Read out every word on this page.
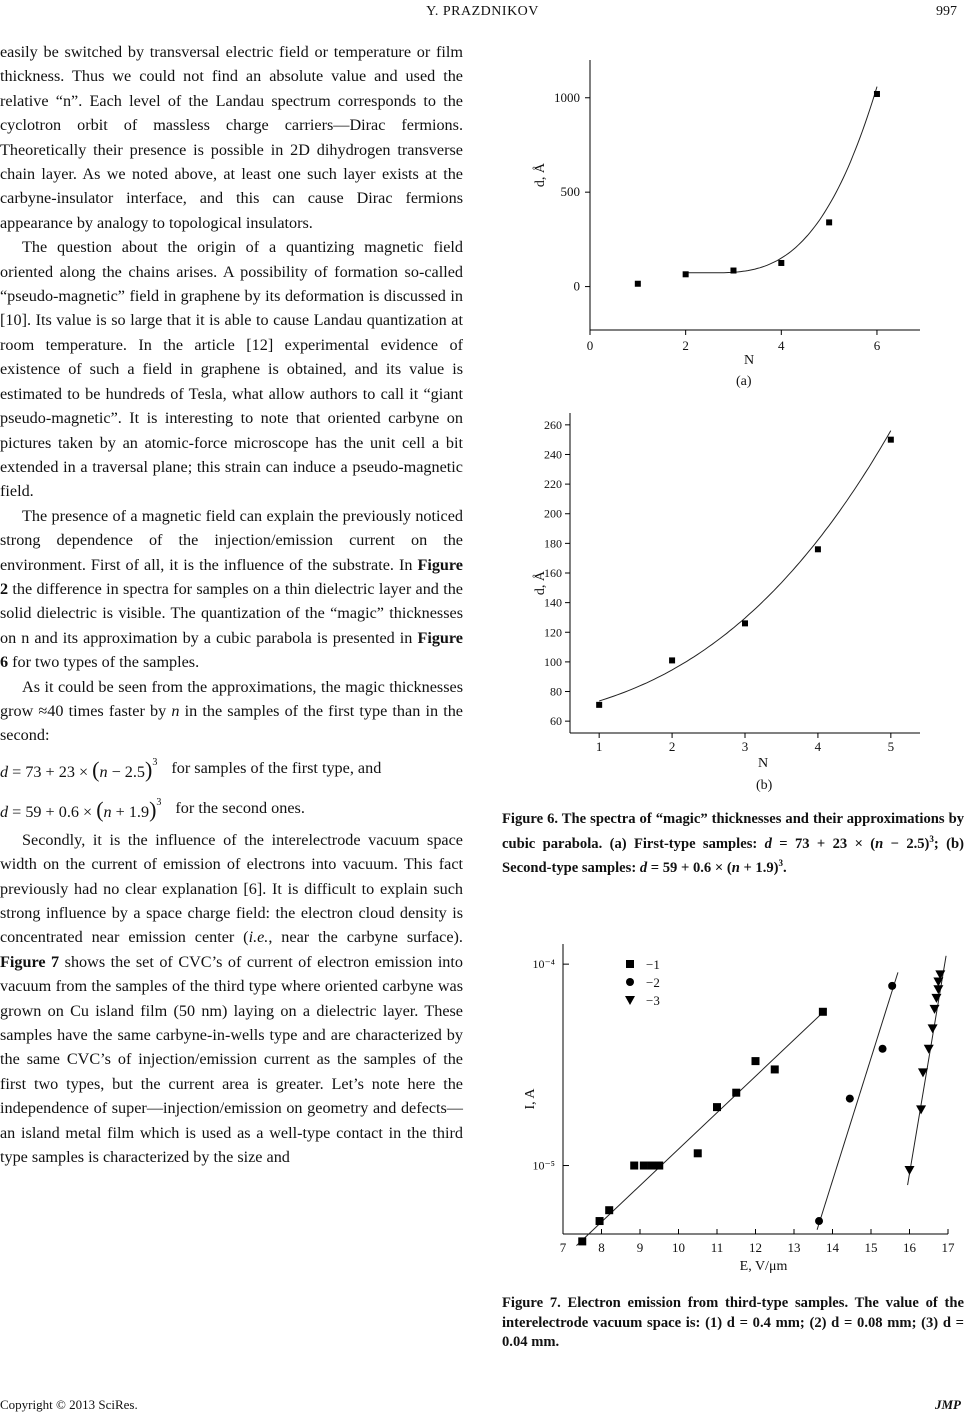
Y. PRAZDNIKOV	997

easily be switched by transversal electric field or temperature or film thickness. Thus we could not find an absolute value and used the relative “n”. Each level of the Landau spectrum corresponds to the cyclotron orbit of massless charge carriers—Dirac fermions. Theoretically their presence is possible in 2D dihydrogen transverse chain layer. As we noted above, at least one such layer exists at the carbyne-insulator interface, and this can cause Dirac fermions appearance by analogy to topological insulators.

The question about the origin of a quantizing magnetic field oriented along the chains arises. A possibility of formation so-called “pseudo-magnetic” field in graphene by its deformation is discussed in [10]. Its value is so large that it is able to cause Landau quantization at room temperature. In the article [12] experimental evidence of existence of such a field in graphene is obtained, and its value is estimated to be hundreds of Tesla, what allow authors to call it “giant pseudo-magnetic”. It is interesting to note that oriented carbyne on pictures taken by an atomic-force microscope has the unit cell a bit extended in a traversal plane; this strain can induce a pseudo-magnetic field.

The presence of a magnetic field can explain the previously noticed strong dependence of the injection/emission current on the environment. First of all, it is the influence of the substrate. In Figure 2 the difference in spectra for samples on a thin dielectric layer and the solid dielectric is visible. The quantization of the “magic” thicknesses on n and its approximation by a cubic parabola is presented in Figure 6 for two types of the samples.

As it could be seen from the approximations, the magic thicknesses grow ≈40 times faster by n in the samples of the first type than in the second:

$d = 73 + 23 \times (n - 2.5)^3$ for samples of the first type, and
$d = 59 + 0.6 \times (n + 1.9)^3$ for the second ones.

Secondly, it is the influence of the interelectrode vacuum space width on the current of emission of electrons into vacuum. This fact previously had no clear explanation [6]. It is difficult to explain such strong influence by a space charge field: the electron cloud density is concentrated near emission center (i.e., near the carbyne surface). Figure 7 shows the set of CVC’s of current of electron emission into vacuum from the samples of the third type where oriented carbyne was grown on Cu island film (50 nm) laying on a dielectric layer. These samples have the same carbyne-in-wells type and are characterized by the same CVC’s of injection/emission current as the samples of the first two types, but the current area is greater. Let’s note here the independence of super—injection/emission on geometry and defects—an island metal film which is used as a well-type contact in the third type samples is characterized by the size and

0
500
1000
0	2	4	6
N
d, Å
(a)
60
80
100
120
140
160
180
200
220
240
260
1	2	3	4	5
N
d, Å
(b)
Figure 6. The spectra of “magic” thicknesses and their approximations by cubic parabola. (a) First-type samples: $d = 73 + 23 \times (n - 2.5)^3$; (b) Second-type samples: $d = 59 + 0.6 \times (n + 1.9)^3$.
10⁻⁵
10⁻⁴
7 8 9 10 11 12 13 14 15 16 17
E, V/μm
I, A
−1
−2
−3
Figure 7. Electron emission from third-type samples. The value of the interelectrode vacuum space is: (1) d = 0.4 mm; (2) d = 0.08 mm; (3) d = 0.04 mm.
Copyright © 2013 SciRes.	JMP
